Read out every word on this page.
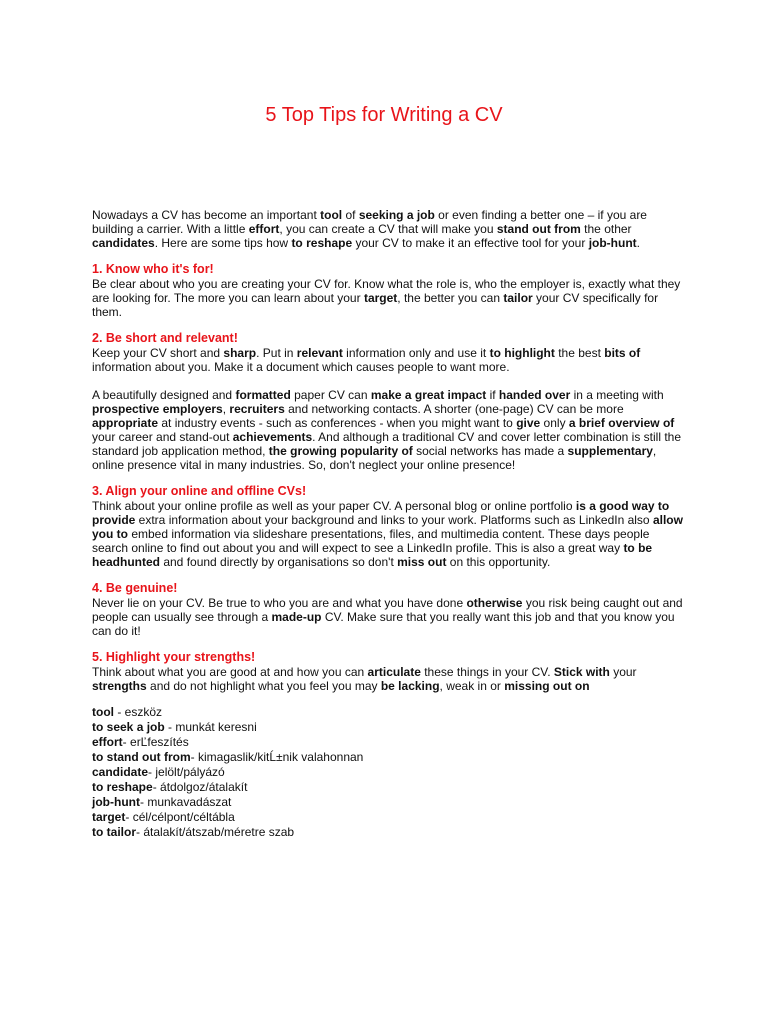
5 Top Tips for Writing a CV

Nowadays a CV has become an important tool of seeking a job or even finding a better one – if you are building a carrier. With a little effort, you can create a CV that will make you stand out from the other candidates. Here are some tips how to reshape your CV to make it an effective tool for your job-hunt.

1. Know who it's for!

Be clear about who you are creating your CV for. Know what the role is, who the employer is, exactly what they are looking for. The more you can learn about your target, the better you can tailor your CV specifically for them.

2. Be short and relevant!

Keep your CV short and sharp. Put in relevant information only and use it to highlight the best bits of information about you. Make it a document which causes people to want more.

A beautifully designed and formatted paper CV can make a great impact if handed over in a meeting with prospective employers, recruiters and networking contacts. A shorter (one-page) CV can be more appropriate at industry events - such as conferences - when you might want to give only a brief overview of your career and stand-out achievements. And although a traditional CV and cover letter combination is still the standard job application method, the growing popularity of social networks has made a supplementary, online presence vital in many industries. So, don't neglect your online presence!

3. Align your online and offline CVs!

Think about your online profile as well as your paper CV. A personal blog or online portfolio is a good way to provide extra information about your background and links to your work. Platforms such as LinkedIn also allow you to embed information via slideshare presentations, files, and multimedia content. These days people search online to find out about you and will expect to see a LinkedIn profile. This is also a great way to be headhunted and found directly by organisations so don't miss out on this opportunity.

4. Be genuine!

Never lie on your CV. Be true to who you are and what you have done otherwise you risk being caught out and people can usually see through a made-up CV. Make sure that you really want this job and that you know you can do it!

5. Highlight your strengths!

Think about what you are good at and how you can articulate these things in your CV. Stick with your strengths and do not highlight what you feel you may be lacking, weak in or missing out on

tool - eszköz
to seek a job - munkát keresni
effort- erĽfeszítés
to stand out from- kimagaslik/kitĹ±nik valahonnan
candidate- jelölt/pályázó
to reshape- átdolgoz/átalakít
job-hunt- munkavadászat
target- cél/célpont/céltábla
to tailor- átalakít/átszab/méretre szab
